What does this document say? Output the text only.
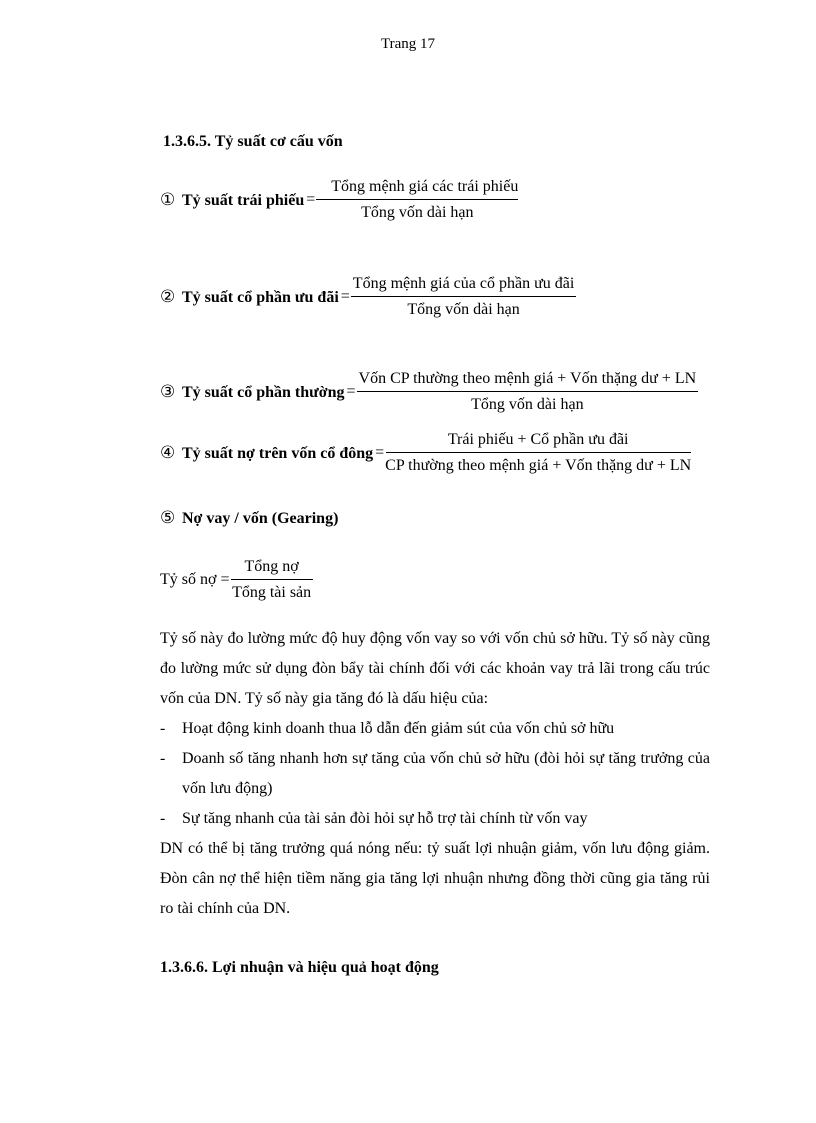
Trang 17
1.3.6.5. Tỷ suất cơ cấu vốn
① Tỷ suất trái phiếu = $\frac{\text{Tổng mệnh giá các trái phiếu}}{\text{Tổng vốn dài hạn}}$
② Tỷ suất cổ phần ưu đãi = $\frac{\text{Tổng mệnh giá của cổ phần ưu đãi}}{\text{Tổng vốn dài hạn}}$
③ Tỷ suất cổ phần thường = $\frac{\text{Vốn CP thường theo mệnh giá + Vốn thặng dư + LN}}{\text{Tổng vốn dài hạn}}$
④ Tỷ suất nợ trên vốn cổ đông = $\frac{\text{Trái phiếu + Cổ phần ưu đãi}}{\text{CP thường theo mệnh giá + Vốn thặng dư + LN}}$
⑤ Nợ vay / vốn (Gearing)
Tỷ số nợ = $\frac{\text{Tổng nợ}}{\text{Tổng tài sản}}$
Tỷ số này đo lường mức độ huy động vốn vay so với vốn chủ sở hữu. Tỷ số này cũng đo lường mức sử dụng đòn bẩy tài chính đối với các khoản vay trả lãi trong cấu trúc vốn của DN. Tỷ số này gia tăng đó là dấu hiệu của:
- Hoạt động kinh doanh thua lỗ dẫn đến giảm sút của vốn chủ sở hữu
- Doanh số tăng nhanh hơn sự tăng của vốn chủ sở hữu (đòi hỏi sự tăng trưởng của vốn lưu động)
- Sự tăng nhanh của tài sản đòi hỏi sự hỗ trợ tài chính từ vốn vay
DN có thể bị tăng trưởng quá nóng nếu: tỷ suất lợi nhuận giảm, vốn lưu động giảm. Đòn cân nợ thể hiện tiềm năng gia tăng lợi nhuận nhưng đồng thời cũng gia tăng rủi ro tài chính của DN.
1.3.6.6. Lợi nhuận và hiệu quả hoạt động
